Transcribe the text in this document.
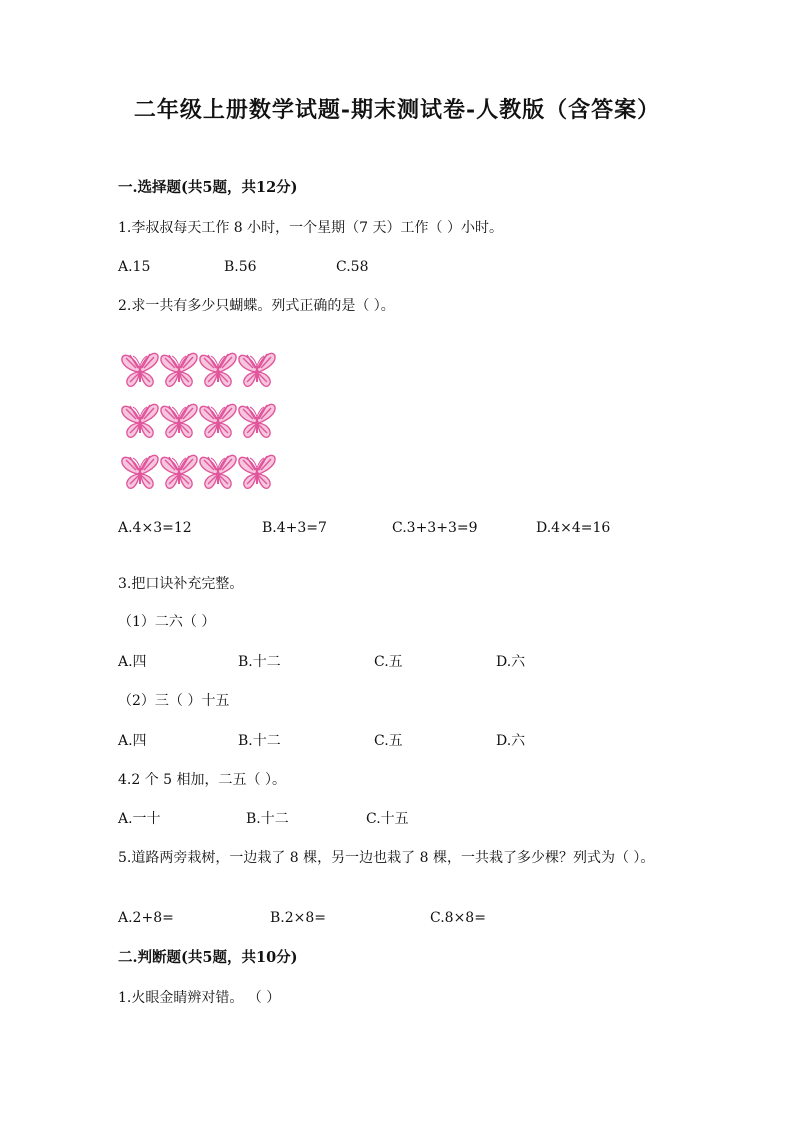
二年级上册数学试题-期末测试卷-人教版（含答案）
一.选择题(共5题，共12分)
1.李叔叔每天工作 8 小时，一个星期（7 天）工作（ ）小时。
A.15	B.56	C.58
2.求一共有多少只蝴蝶。列式正确的是（ ）。
A.4×3=12	B.4+3=7	C.3+3+3=9	D.4×4=16
3.把口诀补充完整。
（1）二六（ ）
A.四	B.十二	C.五	D.六
（2）三（ ）十五
A.四	B.十二	C.五	D.六
4.2 个 5 相加，二五（ ）。
A.一十	B.十二	C.十五
5.道路两旁栽树，一边栽了 8 棵，另一边也栽了 8 棵，一共栽了多少棵？列式为（ ）。
A.2+8=	B.2×8=	C.8×8=
二.判断题(共5题，共10分)
1.火眼金睛辨对错。 （ ）
